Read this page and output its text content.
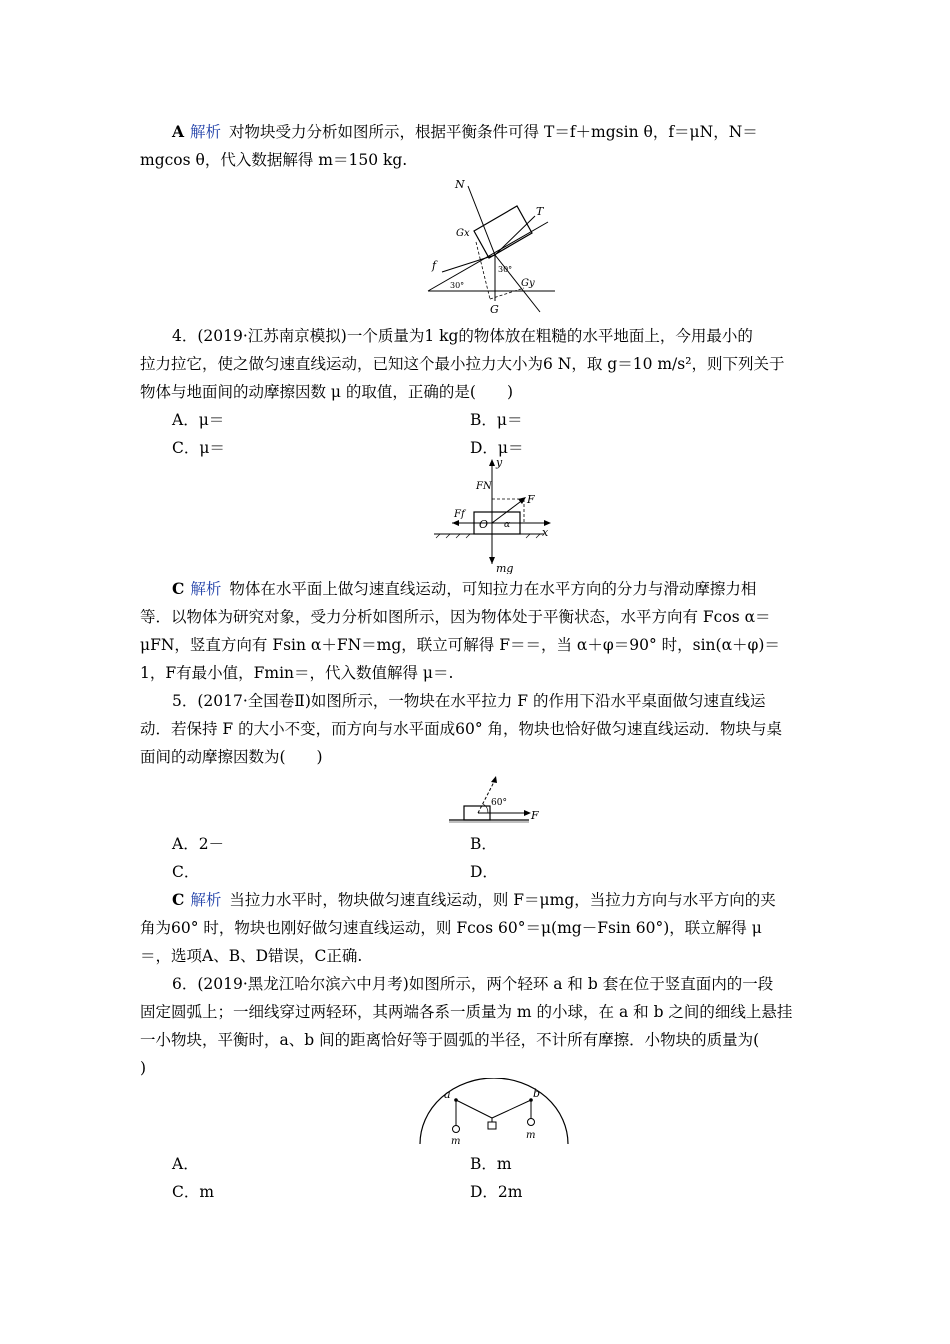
A 解析 对物块受力分析如图所示，根据平衡条件可得 T＝f＋mgsin θ，f＝μN，N＝
mgcos θ，代入数据解得 m＝150 kg.
N
T
Gx
f	30°
30°	Gy
G
4．(2019·江苏南京模拟)一个质量为1 kg的物体放在粗糙的水平地面上，今用最小的
拉力拉它，使之做匀速直线运动，已知这个最小拉力大小为6 N，取 g＝10 m/s²，则下列关于
物体与地面间的动摩擦因数 μ 的取值，正确的是(　　)
A．μ＝	B．μ＝
C．μ＝	D．μ＝
y
FN
F
Ff
O α
x
mg
C 解析 物体在水平面上做匀速直线运动，可知拉力在水平方向的分力与滑动摩擦力相
等．以物体为研究对象，受力分析如图所示，因为物体处于平衡状态，水平方向有 Fcos α＝
μFN，竖直方向有 Fsin α＋FN＝mg，联立可解得 F＝＝，当 α＋φ＝90° 时，sin(α＋φ)＝
1，F有最小值，Fmin＝，代入数值解得 μ＝.
5．(2017·全国卷Ⅱ)如图所示，一物块在水平拉力 F 的作用下沿水平桌面做匀速直线运
动．若保持 F 的大小不变，而方向与水平面成60° 角，物块也恰好做匀速直线运动．物块与桌
面间的动摩擦因数为(　　)
60°
F
A．2－	B．
C．	D．
C 解析 当拉力水平时，物块做匀速直线运动，则 F＝μmg，当拉力方向与水平方向的夹
角为60° 时，物块也刚好做匀速直线运动，则 Fcos 60°＝μ(mg－Fsin 60°)，联立解得 μ
＝，选项A、B、D错误，C正确.
6．(2019·黑龙江哈尔滨六中月考)如图所示，两个轻环 a 和 b 套在位于竖直面内的一段
固定圆弧上；一细线穿过两轻环，其两端各系一质量为 m 的小球，在 a 和 b 之间的细线上悬挂
一小物块，平衡时，a、b 间的距离恰好等于圆弧的半径，不计所有摩擦．小物块的质量为(
)
a	b
m
m
A．	B．m
C．m	D．2m
